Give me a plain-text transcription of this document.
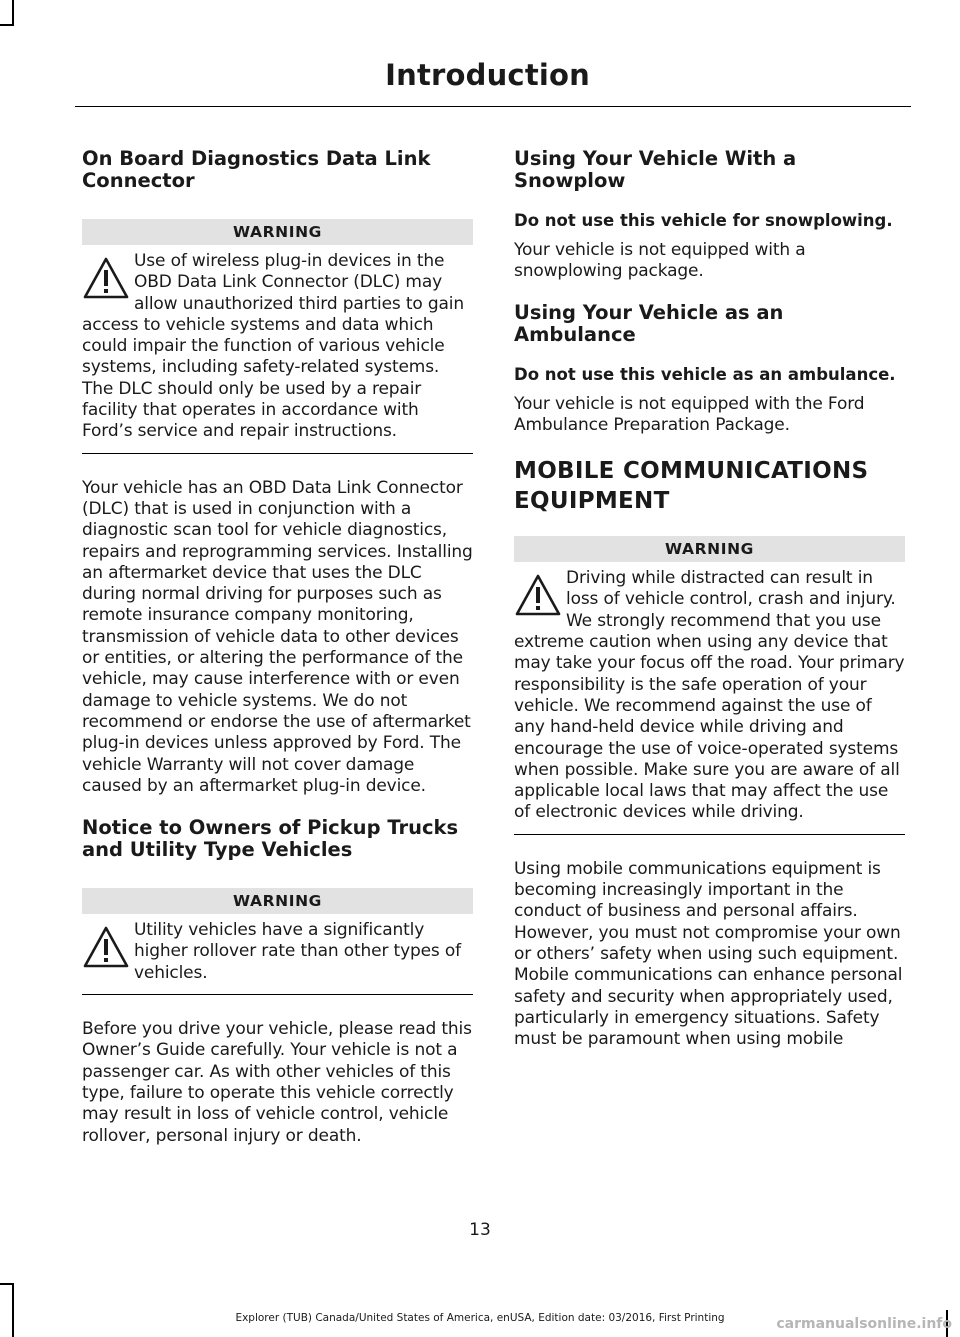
Introduction
On Board Diagnostics Data Link Connector
WARNING
Use of wireless plug-in devices in the OBD Data Link Connector (DLC) may allow unauthorized third parties to gain access to vehicle systems and data which could impair the function of various vehicle systems, including safety-related systems. The DLC should only be used by a repair facility that operates in accordance with Ford’s service and repair instructions.

Your vehicle has an OBD Data Link Connector (DLC) that is used in conjunction with a diagnostic scan tool for vehicle diagnostics, repairs and reprogramming services. Installing an aftermarket device that uses the DLC during normal driving for purposes such as remote insurance company monitoring, transmission of vehicle data to other devices or entities, or altering the performance of the vehicle, may cause interference with or even damage to vehicle systems. We do not recommend or endorse the use of aftermarket plug-in devices unless approved by Ford. The vehicle Warranty will not cover damage caused by an aftermarket plug-in device.

Notice to Owners of Pickup Trucks and Utility Type Vehicles
WARNING
Utility vehicles have a significantly higher rollover rate than other types of vehicles.

Before you drive your vehicle, please read this Owner’s Guide carefully. Your vehicle is not a passenger car. As with other vehicles of this type, failure to operate this vehicle correctly may result in loss of vehicle control, vehicle rollover, personal injury or death.

Using Your Vehicle With a Snowplow
Do not use this vehicle for snowplowing.

Your vehicle is not equipped with a snowplowing package.

Using Your Vehicle as an Ambulance
Do not use this vehicle as an ambulance.

Your vehicle is not equipped with the Ford Ambulance Preparation Package.

MOBILE COMMUNICATIONS EQUIPMENT
WARNING
Driving while distracted can result in loss of vehicle control, crash and injury. We strongly recommend that you use extreme caution when using any device that may take your focus off the road. Your primary responsibility is the safe operation of your vehicle. We recommend against the use of any hand-held device while driving and encourage the use of voice-operated systems when possible. Make sure you are aware of all applicable local laws that may affect the use of electronic devices while driving.

Using mobile communications equipment is becoming increasingly important in the conduct of business and personal affairs. However, you must not compromise your own or others’ safety when using such equipment. Mobile communications can enhance personal safety and security when appropriately used, particularly in emergency situations. Safety must be paramount when using mobile

13
Explorer (TUB) Canada/United States of America, enUSA, Edition date: 03/2016, First Printing	carmanualsonline.info
